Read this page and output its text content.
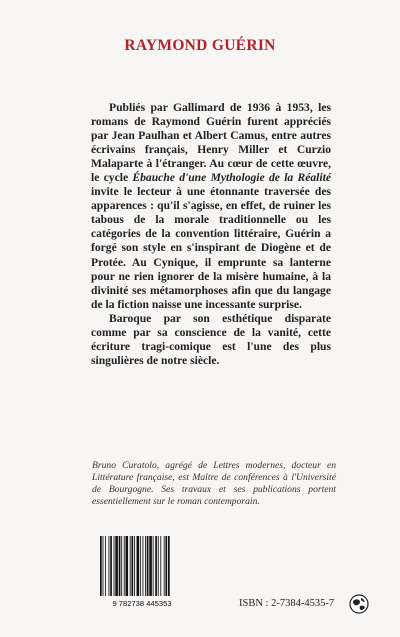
RAYMOND GUÉRIN

Publiés par Gallimard de 1936 à 1953, les romans de Raymond Guérin furent appréciés par Jean Paulhan et Albert Camus, entre autres écrivains français, Henry Miller et Curzio Malaparte à l'étranger. Au cœur de cette œuvre, le cycle Ébauche d'une Mythologie de la Réalité invite le lecteur à une étonnante traversée des apparences : qu'il s'agisse, en effet, de ruiner les tabous de la morale traditionnelle ou les catégories de la convention littéraire, Guérin a forgé son style en s'inspirant de Diogène et de Protée. Au Cynique, il emprunte sa lanterne pour ne rien ignorer de la misère humaine, à la divinité ses métamorphoses afin que du langage de la fiction naisse une incessante surprise.

Baroque par son esthétique disparate comme par sa conscience de la vanité, cette écriture tragi-comique est l'une des plus singulières de notre siècle.

Bruno Curatolo, agrégé de Lettres modernes, docteur en Littérature française, est Maître de conférences à l'Université de Bourgogne. Ses travaux et ses publications portent essentiellement sur le roman contemporain.
9 782738 445353	ISBN : 2-7384-4535-7
